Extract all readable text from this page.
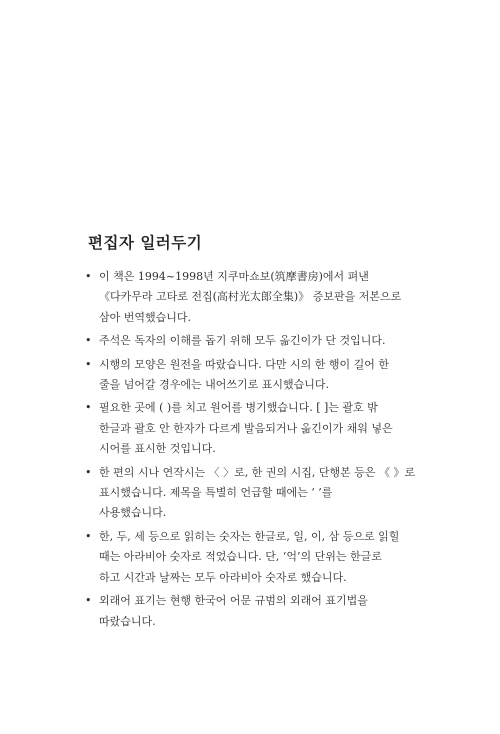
편집자 일러두기
• 이 책은 1994~1998년 지쿠마쇼보(筑摩書房)에서 펴낸
《다카무라 고타로 전집(高村光太郎全集)》 증보판을 저본으로
삼아 번역했습니다.
• 주석은 독자의 이해를 돕기 위해 모두 옮긴이가 단 것입니다.
• 시행의 모양은 원전을 따랐습니다. 다만 시의 한 행이 길어 한
줄을 넘어갈 경우에는 내어쓰기로 표시했습니다.
• 필요한 곳에 ( )를 치고 원어를 병기했습니다. [ ]는 괄호 밖
한글과 괄호 안 한자가 다르게 발음되거나 옮긴이가 채워 넣은
시어를 표시한 것입니다.
• 한 편의 시나 연작시는 〈 〉로, 한 권의 시집, 단행본 등은 《 》로
표시했습니다. 제목을 특별히 언급할 때에는 ‘ ’를
사용했습니다.
• 한, 두, 세 등으로 읽히는 숫자는 한글로, 일, 이, 삼 등으로 읽힐
때는 아라비아 숫자로 적었습니다. 단, ‘억’의 단위는 한글로
하고 시간과 날짜는 모두 아라비아 숫자로 했습니다.
• 외래어 표기는 현행 한국어 어문 규범의 외래어 표기법을
따랐습니다.
